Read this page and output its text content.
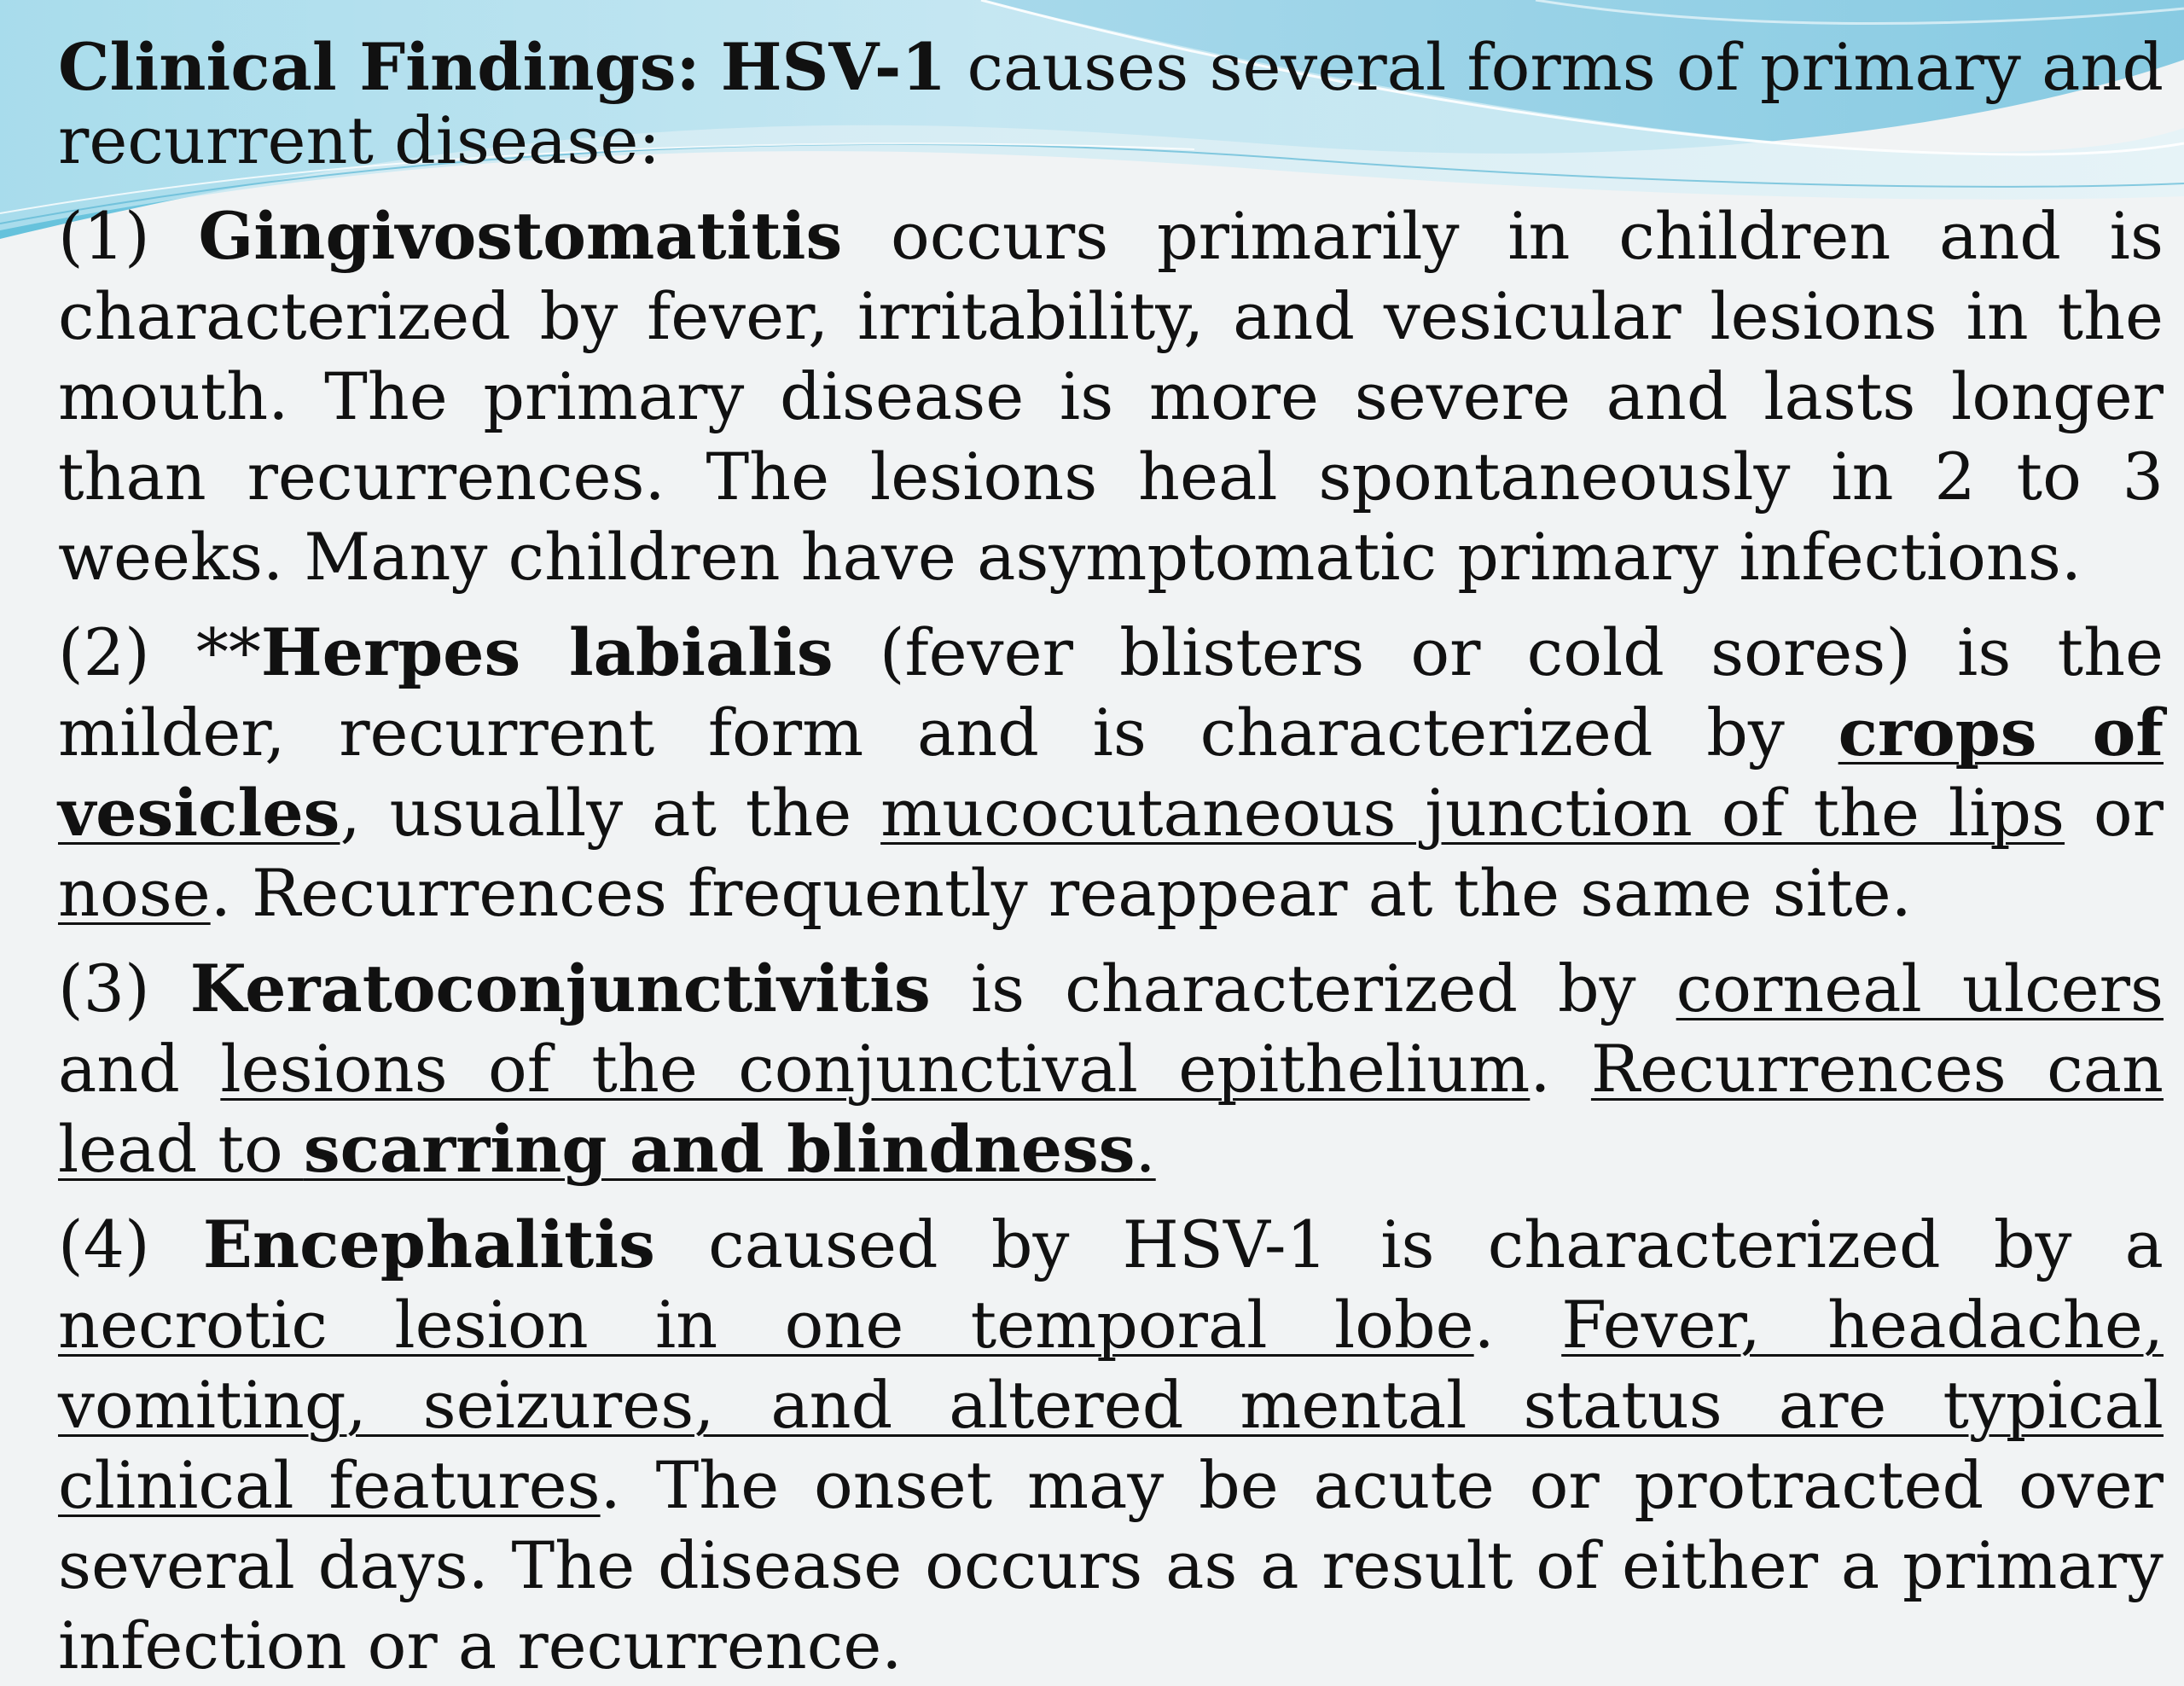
Clinical Findings: HSV-1 causes several forms of primary and recurrent disease:

(1) Gingivostomatitis occurs primarily in children and is characterized by fever, irritability, and vesicular lesions in the mouth. The primary disease is more severe and lasts longer than recurrences. The lesions heal spontaneously in 2 to 3 weeks. Many children have asymptomatic primary infections.

(2) **Herpes labialis (fever blisters or cold sores) is the milder, recurrent form and is characterized by crops of vesicles, usually at the mucocutaneous junction of the lips or nose. Recurrences frequently reappear at the same site.

(3) Keratoconjunctivitis is characterized by corneal ulcers and lesions of the conjunctival epithelium. Recurrences can lead to scarring and blindness.

(4) Encephalitis caused by HSV-1 is characterized by a necrotic lesion in one temporal lobe. Fever, headache, vomiting, seizures, and altered mental status are typical clinical features. The onset may be acute or protracted over several days. The disease occurs as a result of either a primary infection or a recurrence.
